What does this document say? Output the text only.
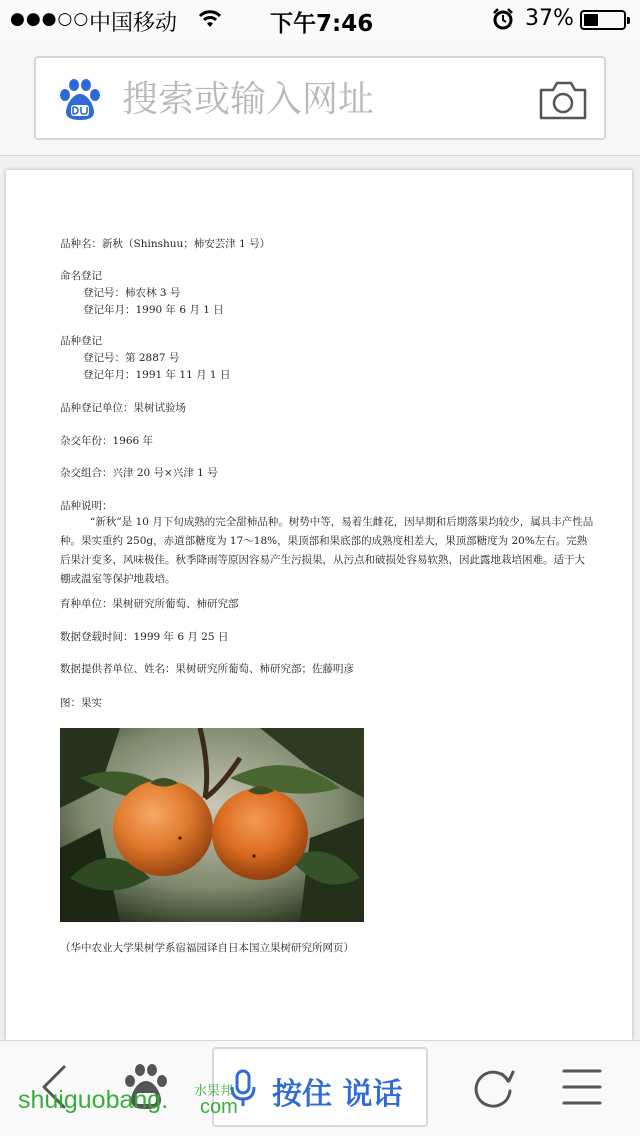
●●●○○ 中国移动	下午7:46	37%
搜索或输入网址
品种名：新秋（Shinshuu；柿安芸津 1 号）
命名登记
登记号：柿农林 3 号
登记年月：1990 年 6 月 1 日
品种登记
登记号：第 2887 号
登记年月：1991 年 11 月 1 日
品种登记单位：果树试验场
杂交年份：1966 年
杂交组合：兴津 20 号×兴津 1 号
品种说明：
“新秋”是 10 月下旬成熟的完全甜柿品种。树势中等，易着生雌花，因早期和后期落果均较少，属具丰产性品种。果实重约 250g，赤道部糖度为 17～18%，果顶部和果底部的成熟度相差大，果顶部糖度为 20%左右。完熟后果汁变多，风味极佳。秋季降雨等原因容易产生污损果，从污点和破损处容易软熟，因此露地栽培困难。适于大棚或温室等保护地栽培。
育种单位：果树研究所葡萄、柿研究部
数据登载时间：1999 年 6 月 25 日
数据提供者单位、姓名：果树研究所葡萄、柿研究部；佐藤明彦
图：果实
（华中农业大学果树学系宿福园译自日本国立果树研究所网页）
按住 说话
shuiguobang. 水果邦
com
